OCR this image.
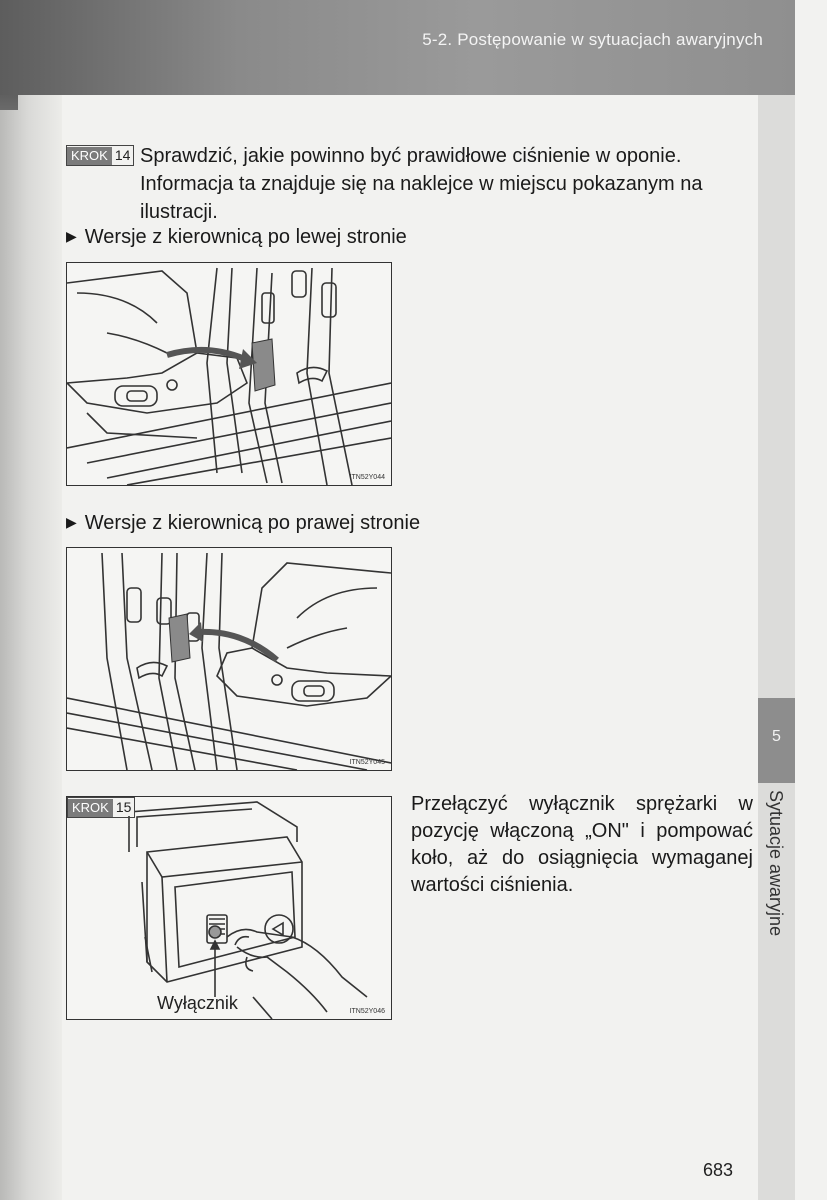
5-2. Postępowanie w sytuacjach awaryjnych
5
Sytuacje awaryjne
KROK 14 Sprawdzić, jakie powinno być prawidłowe ciśnienie w oponie. Informacja ta znajduje się na naklejce w miejscu pokazanym na ilustracji.
▶ Wersje z kierownicą po lewej stronie
ITN52Y044
▶ Wersje z kierownicą po prawej stronie
ITN52Y045
KROK 15
Wyłącznik	ITN52Y046
Przełączyć wyłącznik sprężarki w pozycję włączoną „ON" i pompować koło, aż do osiągnięcia wymaganej wartości ciśnienia.
683
